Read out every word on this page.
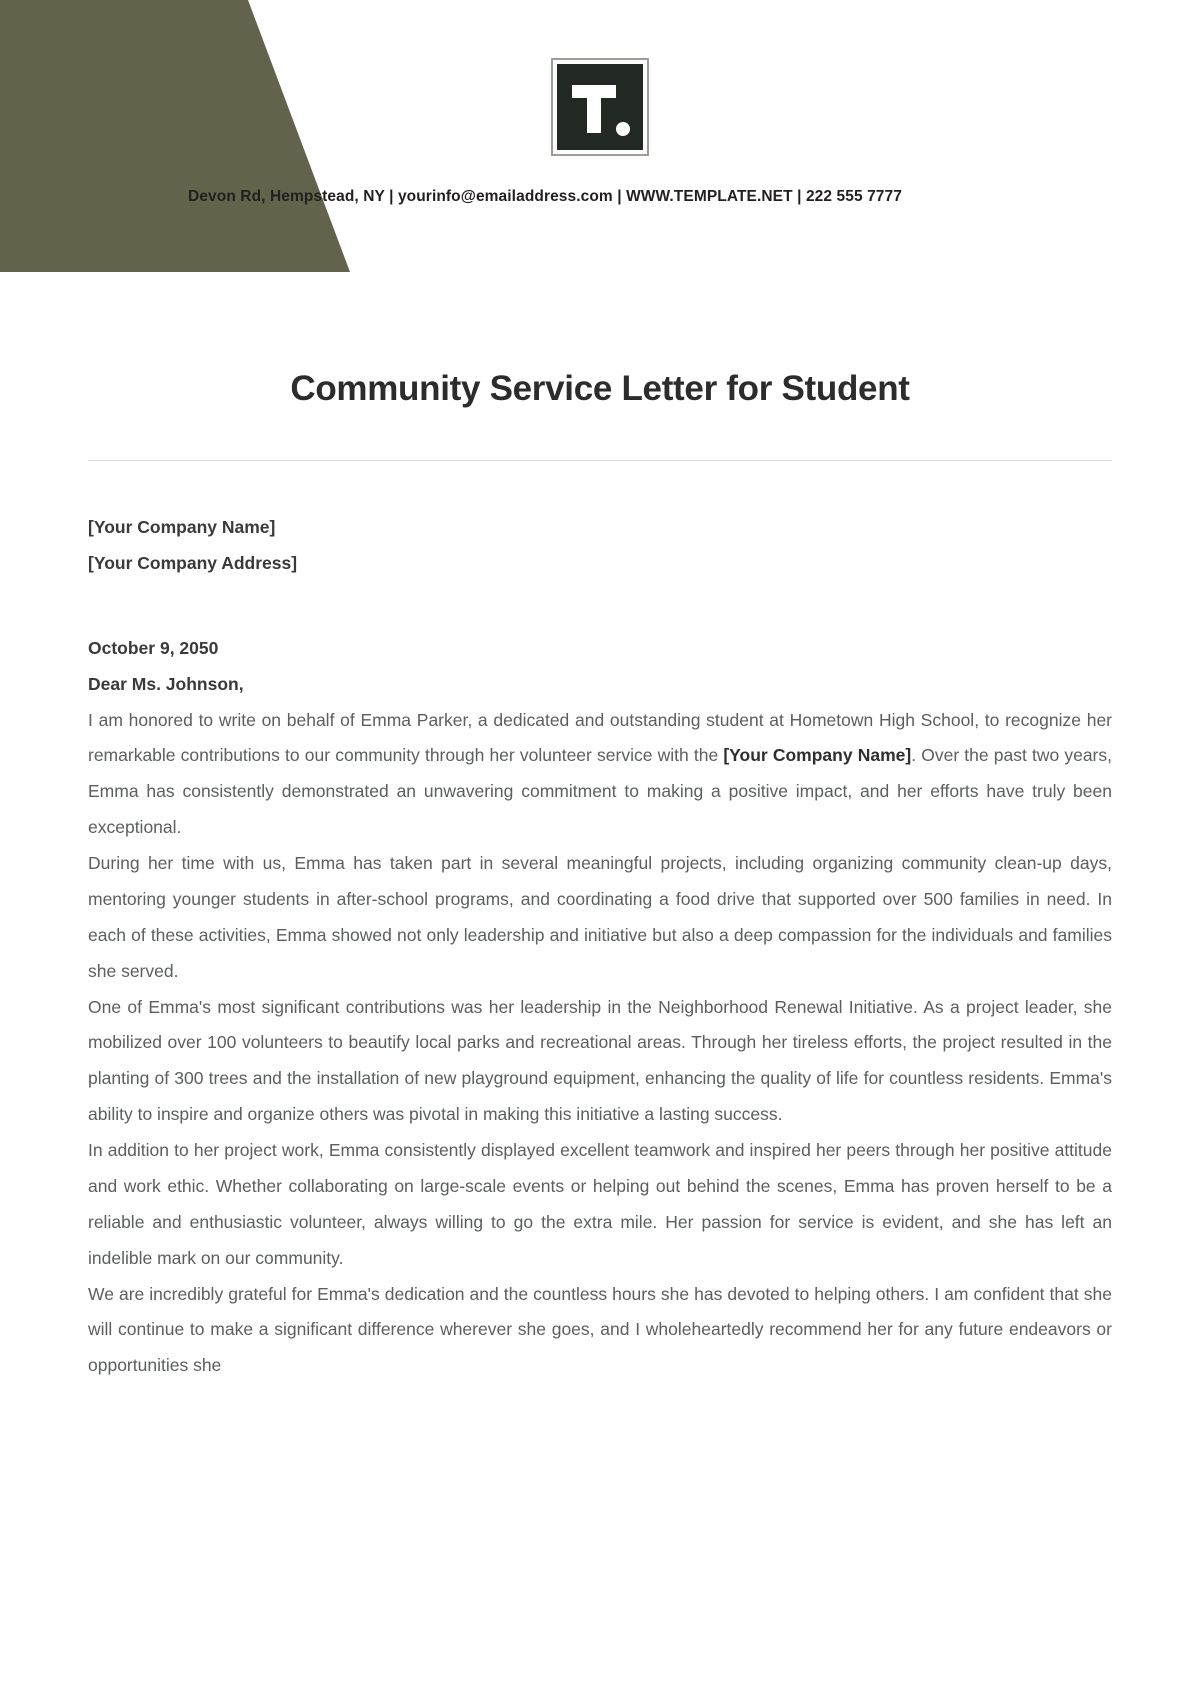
Devon Rd, Hempstead, NY | yourinfo@emailaddress.com | WWW.TEMPLATE.NET | 222 555 7777
Community Service Letter for Student
[Your Company Name]
[Your Company Address]
October 9, 2050
Dear Ms. Johnson,

I am honored to write on behalf of Emma Parker, a dedicated and outstanding student at Hometown High School, to recognize her remarkable contributions to our community through her volunteer service with the [Your Company Name]. Over the past two years, Emma has consistently demonstrated an unwavering commitment to making a positive impact, and her efforts have truly been exceptional.

During her time with us, Emma has taken part in several meaningful projects, including organizing community clean-up days, mentoring younger students in after-school programs, and coordinating a food drive that supported over 500 families in need. In each of these activities, Emma showed not only leadership and initiative but also a deep compassion for the individuals and families she served.

One of Emma's most significant contributions was her leadership in the Neighborhood Renewal Initiative. As a project leader, she mobilized over 100 volunteers to beautify local parks and recreational areas. Through her tireless efforts, the project resulted in the planting of 300 trees and the installation of new playground equipment, enhancing the quality of life for countless residents. Emma's ability to inspire and organize others was pivotal in making this initiative a lasting success.

In addition to her project work, Emma consistently displayed excellent teamwork and inspired her peers through her positive attitude and work ethic. Whether collaborating on large-scale events or helping out behind the scenes, Emma has proven herself to be a reliable and enthusiastic volunteer, always willing to go the extra mile. Her passion for service is evident, and she has left an indelible mark on our community.

We are incredibly grateful for Emma's dedication and the countless hours she has devoted to helping others. I am confident that she will continue to make a significant difference wherever she goes, and I wholeheartedly recommend her for any future endeavors or opportunities she
